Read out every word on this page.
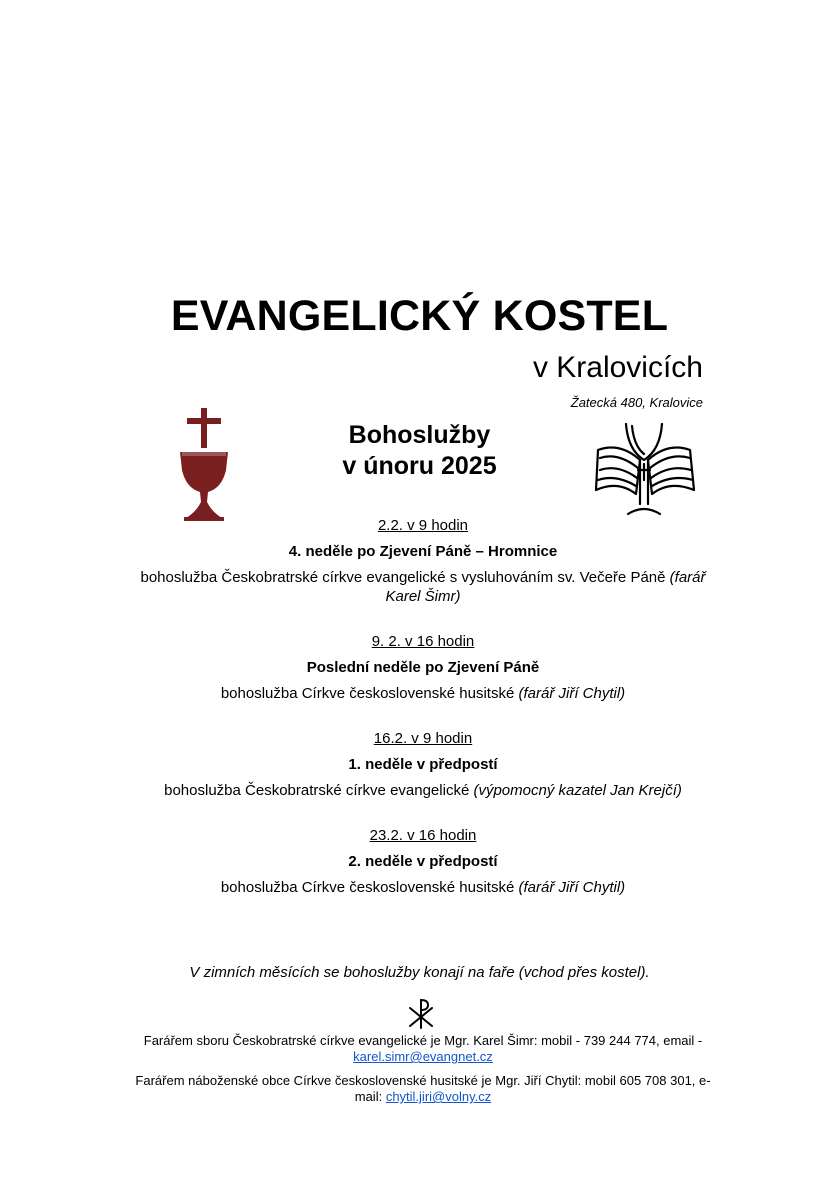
EVANGELICKÝ KOSTEL

v Kralovicích

Žatecká 480, Kralovice

Bohoslužby
v únoru 2025
2.2. v 9 hodin
4. neděle po Zjevení Páně – Hromnice
bohoslužba Českobratrské církve evangelické s vysluhováním sv. Večeře Páně (farář Karel Šimr)
9. 2. v 16 hodin
Poslední neděle po Zjevení Páně
bohoslužba Církve československé husitské (farář Jiří Chytil)
16.2. v 9 hodin
1. neděle v předpostí
bohoslužba Českobratrské církve evangelické (výpomocný kazatel Jan Krejčí)
23.2. v 16 hodin
2. neděle v předpostí
bohoslužba Církve československé husitské (farář Jiří Chytil)

V zimních měsících se bohoslužby konají na faře (vchod přes kostel).

Farářem sboru Českobratrské církve evangelické je Mgr. Karel Šimr: mobil - 739 244 774, email - karel.simr@evangnet.cz

Farářem náboženské obce Církve československé husitské je Mgr. Jiří Chytil: mobil 605 708 301, e-mail: chytil.jiri@volny.cz
